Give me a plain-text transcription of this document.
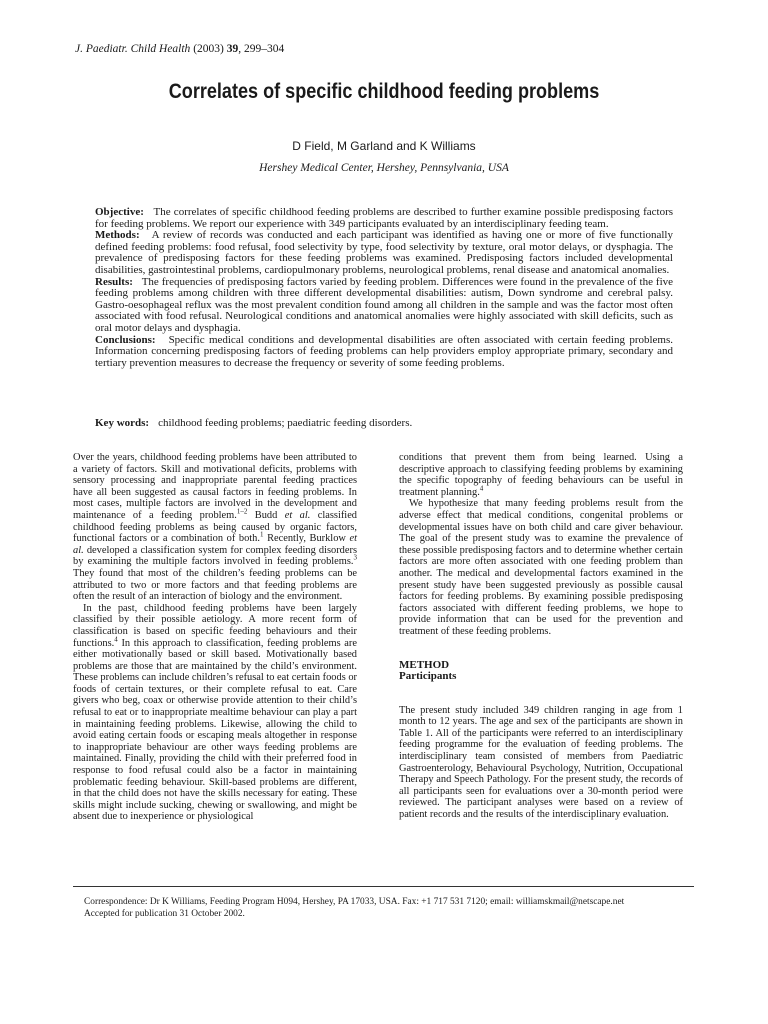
J. Paediatr. Child Health (2003) 39, 299–304
Correlates of specific childhood feeding problems
D Field, M Garland and K Williams
Hershey Medical Center, Hershey, Pennsylvania, USA

Objective: The correlates of specific childhood feeding problems are described to further examine possible predisposing factors for feeding problems. We report our experience with 349 participants evaluated by an interdisciplinary feeding team.

Methods: A review of records was conducted and each participant was identified as having one or more of five functionally defined feeding problems: food refusal, food selectivity by type, food selectivity by texture, oral motor delays, or dysphagia. The prevalence of predisposing factors for these feeding problems was examined. Predisposing factors included developmental disabilities, gastrointestinal problems, cardiopulmonary problems, neurological problems, renal disease and anatomical anomalies.

Results: The frequencies of predisposing factors varied by feeding problem. Differences were found in the prevalence of the five feeding problems among children with three different developmental disabilities: autism, Down syndrome and cerebral palsy. Gastro-oesophageal reflux was the most prevalent condition found among all children in the sample and was the factor most often associated with food refusal. Neurological conditions and anatomical anomalies were highly associated with skill deficits, such as oral motor delays and dysphagia.

Conclusions: Specific medical conditions and developmental disabilities are often associated with certain feeding problems. Information concerning predisposing factors of feeding problems can help providers employ appropriate primary, secondary and tertiary prevention measures to decrease the frequency or severity of some feeding problems.

Key words: childhood feeding problems; paediatric feeding disorders.

Over the years, childhood feeding problems have been attributed to a variety of factors. Skill and motivational deficits, problems with sensory processing and inappropriate parental feeding practices have all been suggested as causal factors in feeding problems. In most cases, multiple factors are involved in the development and maintenance of a feeding problem.$^{1-2}$ Budd et al. classified childhood feeding problems as being caused by organic factors, functional factors or a combination of both.$^1$ Recently, Burklow et al. developed a classification system for complex feeding disorders by examining the multiple factors involved in feeding problems.$^3$ They found that most of the children’s feeding problems can be attributed to two or more factors and that feeding problems are often the result of an interaction of biology and the environment.

In the past, childhood feeding problems have been largely classified by their possible aetiology. A more recent form of classification is based on specific feeding behaviours and their functions.$^4$ In this approach to classification, feeding problems are either motivationally based or skill based. Motivationally based problems are those that are maintained by the child’s environment. These problems can include children’s refusal to eat certain foods or foods of certain textures, or their complete refusal to eat. Care givers who beg, coax or otherwise provide attention to their child’s refusal to eat or to inappropriate mealtime behaviour can play a part in maintaining feeding problems. Likewise, allowing the child to avoid eating certain foods or escaping meals altogether in response to inappropriate behaviour are other ways feeding problems are maintained. Finally, providing the child with their preferred food in response to food refusal could also be a factor in maintaining problematic feeding behaviour. Skill-based problems are different, in that the child does not have the skills necessary for eating. These skills might include sucking, chewing or swallowing, and might be absent due to inexperience or physiological

conditions that prevent them from being learned. Using a descriptive approach to classifying feeding problems by examining the specific topography of feeding behaviours can be useful in treatment planning.$^4$

We hypothesize that many feeding problems result from the adverse effect that medical conditions, congenital problems or developmental issues have on both child and care giver behaviour. The goal of the present study was to examine the prevalence of these possible predisposing factors and to determine whether certain factors are more often associated with one feeding problem than another. The medical and developmental factors examined in the present study have been suggested previously as possible causal factors for feeding problems. By examining possible predisposing factors associated with different feeding problems, we hope to provide information that can be used for the prevention and treatment of these feeding problems.

METHOD

Participants

The present study included 349 children ranging in age from 1 month to 12 years. The age and sex of the participants are shown in Table 1. All of the participants were referred to an interdisciplinary feeding programme for the evaluation of feeding problems. The interdisciplinary team consisted of members from Paediatric Gastroenterology, Behavioural Psychology, Nutrition, Occupational Therapy and Speech Pathology. For the present study, the records of all participants seen for evaluations over a 30-month period were reviewed. The participant analyses were based on a review of patient records and the results of the interdisciplinary evaluation.

Correspondence: Dr K Williams, Feeding Program H094, Hershey, PA 17033, USA. Fax: +1 717 531 7120; email: williamskmail@netscape.net

Accepted for publication 31 October 2002.
